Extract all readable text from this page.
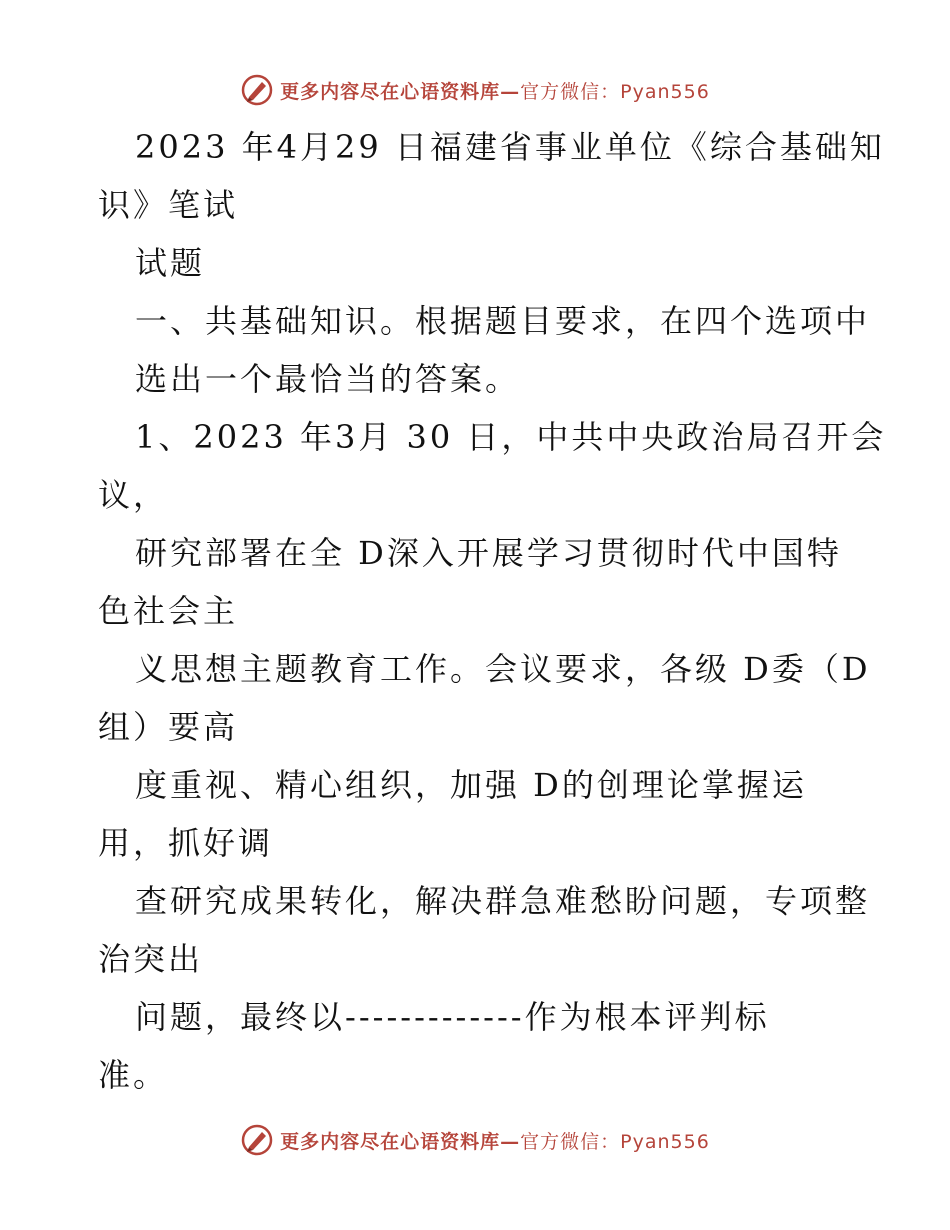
更多内容尽在心语资料库—官方微信：Pyan556
2023 年4月29 日福建省事业单位《综合基础知
识》笔试
试题
一、共基础知识。根据题目要求，在四个选项中
选出一个最恰当的答案。
1、2023 年3月 30 日，中共中央政治局召开会
议，
研究部署在全 D深入开展学习贯彻时代中国特
色社会主
义思想主题教育工作。会议要求，各级 D委（D
组）要高
度重视、精心组织，加强 D的创理论掌握运
用，抓好调
查研究成果转化，解决群急难愁盼问题，专项整
治突出
问题，最终以-------------作为根本评判标
准。
更多内容尽在心语资料库—官方微信：Pyan556
